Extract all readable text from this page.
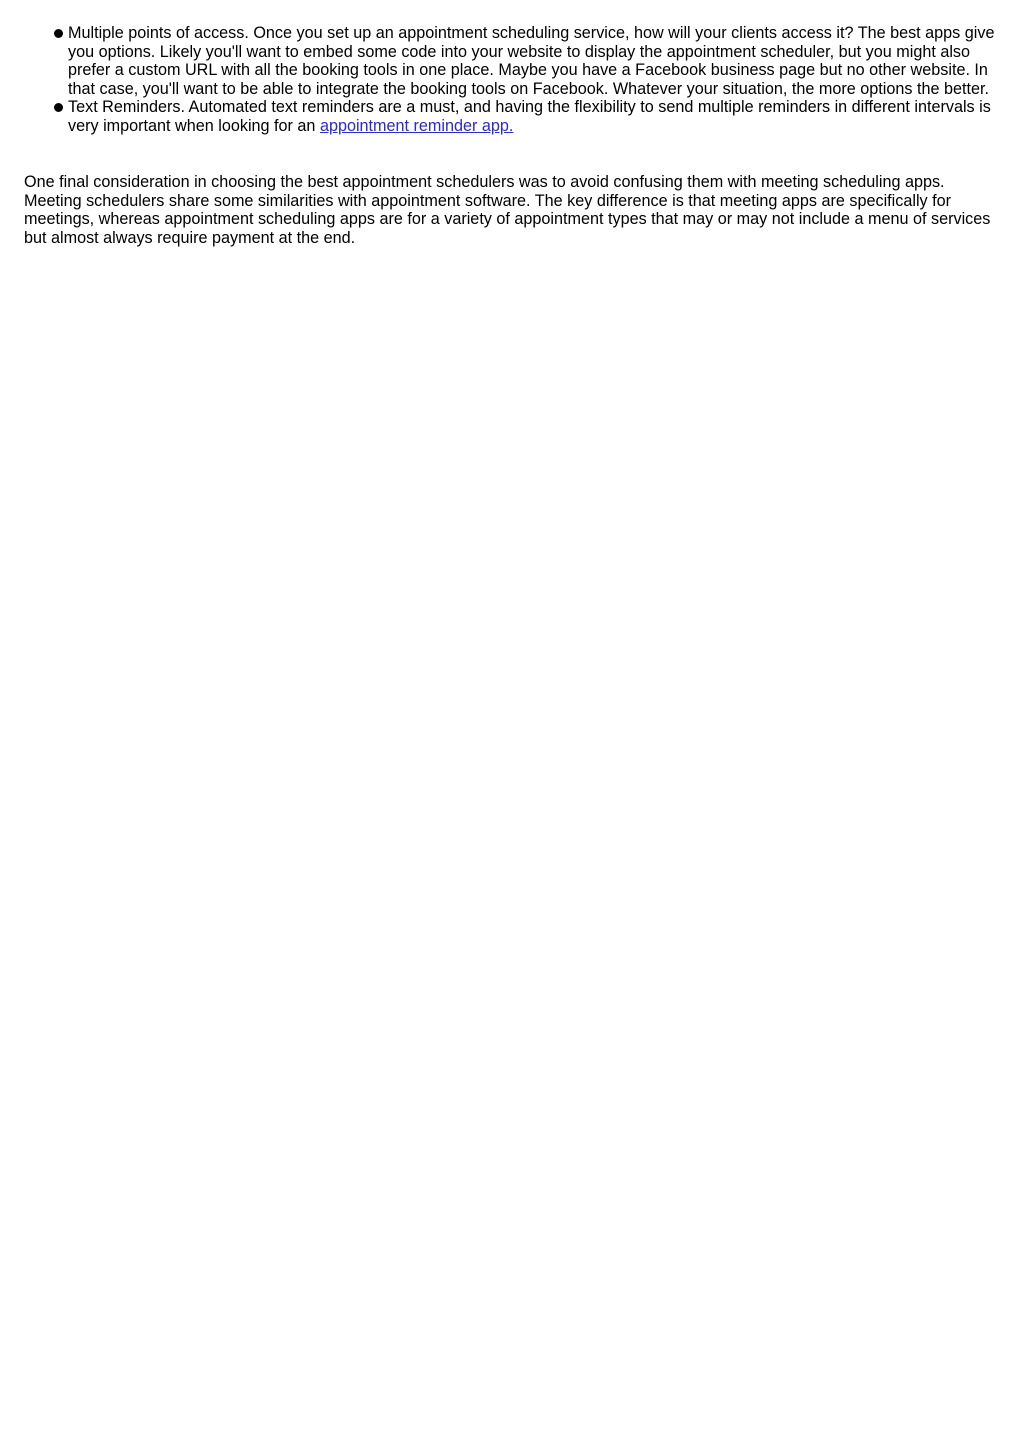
Multiple points of access. Once you set up an appointment scheduling service, how will your clients access it? The best apps give you options. Likely you'll want to embed some code into your website to display the appointment scheduler, but you might also prefer a custom URL with all the booking tools in one place. Maybe you have a Facebook business page but no other website. In that case, you'll want to be able to integrate the booking tools on Facebook. Whatever your situation, the more options the better.
Text Reminders. Automated text reminders are a must, and having the flexibility to send multiple reminders in different intervals is very important when looking for an appointment reminder app.

One final consideration in choosing the best appointment schedulers was to avoid confusing them with meeting scheduling apps. Meeting schedulers share some similarities with appointment software. The key difference is that meeting apps are specifically for meetings, whereas appointment scheduling apps are for a variety of appointment types that may or may not include a menu of services but almost always require payment at the end.
